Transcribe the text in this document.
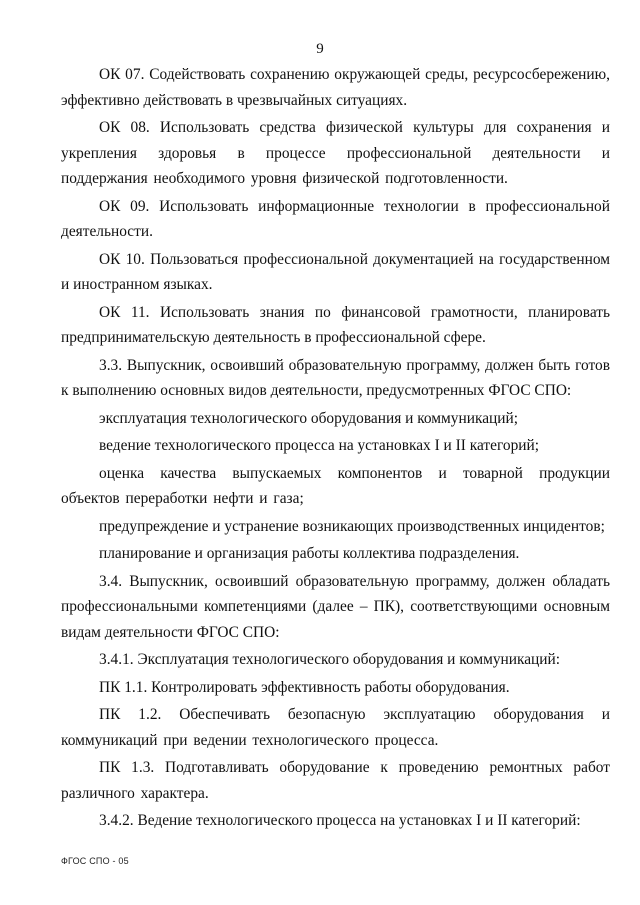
9

ОК 07. Содействовать сохранению окружающей среды, ресурсосбережению, эффективно действовать в чрезвычайных ситуациях.

ОК 08. Использовать средства физической культуры для сохранения и укрепления здоровья в процессе профессиональной деятельности и поддержания необходимого уровня физической подготовленности.

ОК 09. Использовать информационные технологии в профессиональной деятельности.

ОК 10. Пользоваться профессиональной документацией на государственном и иностранном языках.

ОК 11. Использовать знания по финансовой грамотности, планировать предпринимательскую деятельность в профессиональной сфере.

3.3. Выпускник, освоивший образовательную программу, должен быть готов к выполнению основных видов деятельности, предусмотренных ФГОС СПО:

эксплуатация технологического оборудования и коммуникаций;

ведение технологического процесса на установках I и II категорий;

оценка качества выпускаемых компонентов и товарной продукции объектов переработки нефти и газа;

предупреждение и устранение возникающих производственных инцидентов;

планирование и организация работы коллектива подразделения.

3.4. Выпускник, освоивший образовательную программу, должен обладать профессиональными компетенциями (далее – ПК), соответствующими основным видам деятельности ФГОС СПО:

3.4.1. Эксплуатация технологического оборудования и коммуникаций:

ПК 1.1. Контролировать эффективность работы оборудования.

ПК 1.2. Обеспечивать безопасную эксплуатацию оборудования и коммуникаций при ведении технологического процесса.

ПК 1.3. Подготавливать оборудование к проведению ремонтных работ различного характера.

3.4.2. Ведение технологического процесса на установках I и II категорий:

ФГОС СПО - 05
